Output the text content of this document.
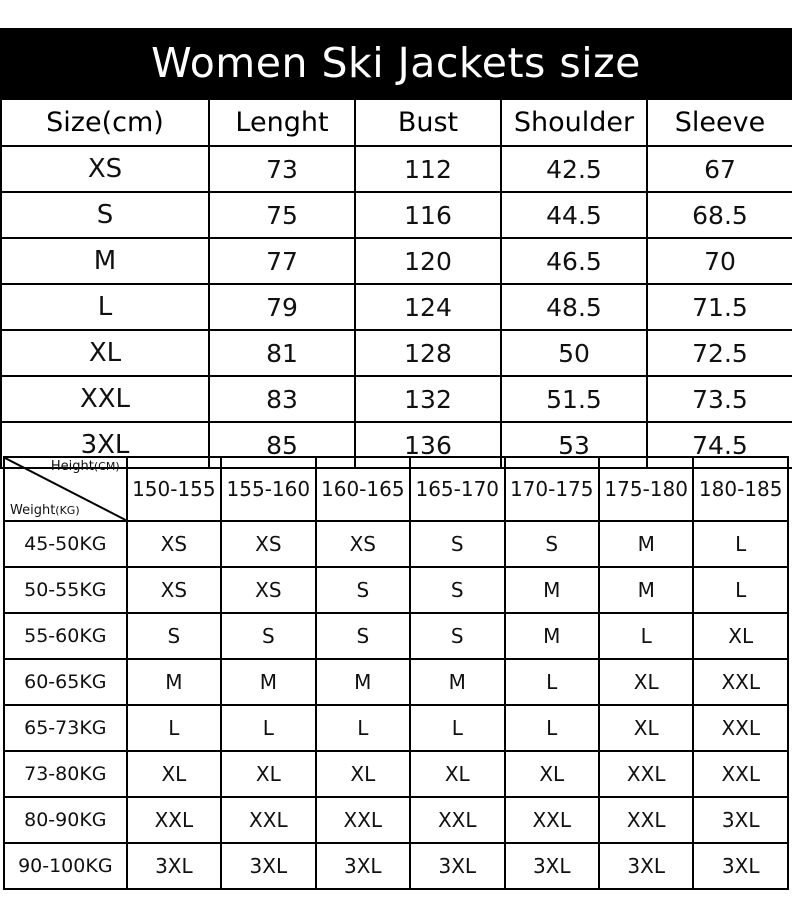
Women Ski Jackets size
Size(cm)	Lenght	Bust	Shoulder	Sleeve
XS	73	112	42.5	67
S	75	116	44.5	68.5
M	77	120	46.5	70
L	79	124	48.5	71.5
XL	81	128	50	72.5
XXL	83	132	51.5	73.5
3XL	85	136	53	74.5
Height(CM)
Weight(KG)	150-155	155-160	160-165	165-170	170-175	175-180	180-185
45-50KG	XS	XS	XS	S	S	M	L
50-55KG	XS	XS	S	S	M	M	L
55-60KG	S	S	S	S	M	L	XL
60-65KG	M	M	M	M	L	XL	XXL
65-73KG	L	L	L	L	L	XL	XXL
73-80KG	XL	XL	XL	XL	XL	XXL	XXL
80-90KG	XXL	XXL	XXL	XXL	XXL	XXL	3XL
90-100KG	3XL	3XL	3XL	3XL	3XL	3XL	3XL
